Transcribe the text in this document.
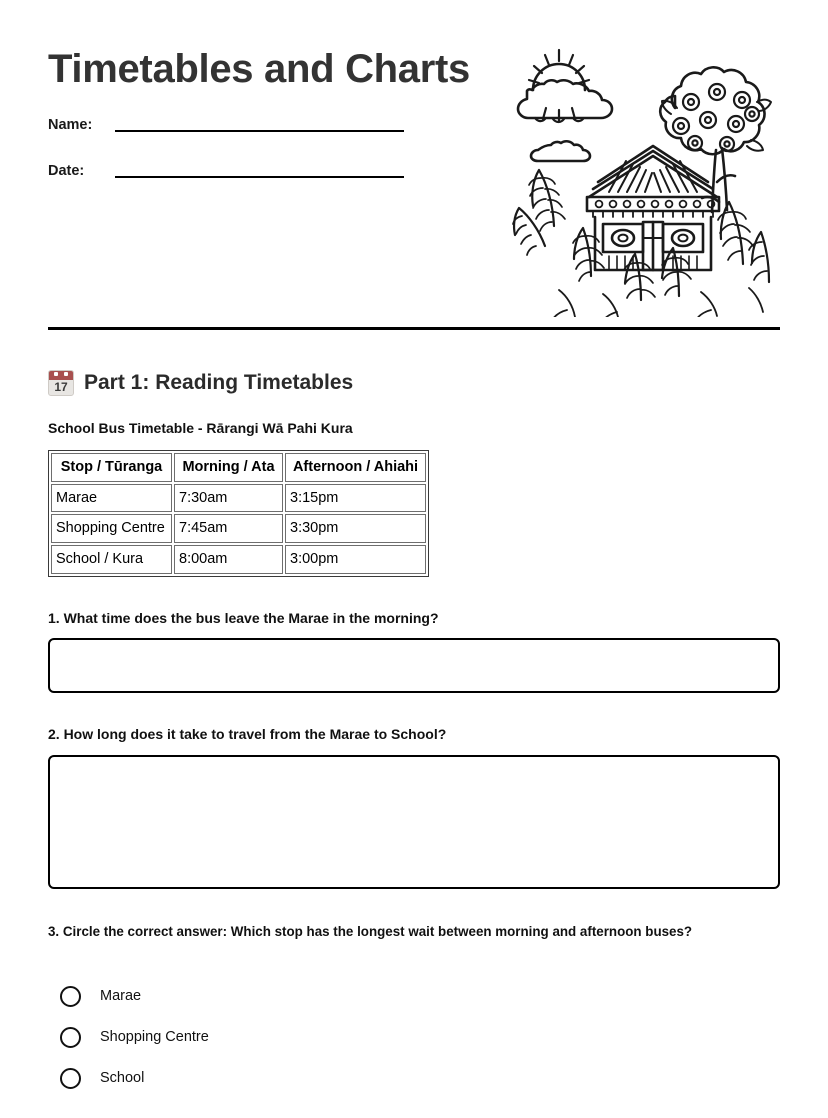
Timetables and Charts
Name:
Date:
17 Part 1: Reading Timetables
School Bus Timetable - Rārangi Wā Pahi Kura
Stop / Tūranga	Morning / Ata	Afternoon / Ahiahi
Marae	7:30am	3:15pm
Shopping Centre	7:45am	3:30pm
School / Kura	8:00am	3:00pm

1. What time does the bus leave the Marae in the morning?

2. How long does it take to travel from the Marae to School?

3. Circle the correct answer: Which stop has the longest wait between morning and afternoon buses?

Marae
Shopping Centre
School
